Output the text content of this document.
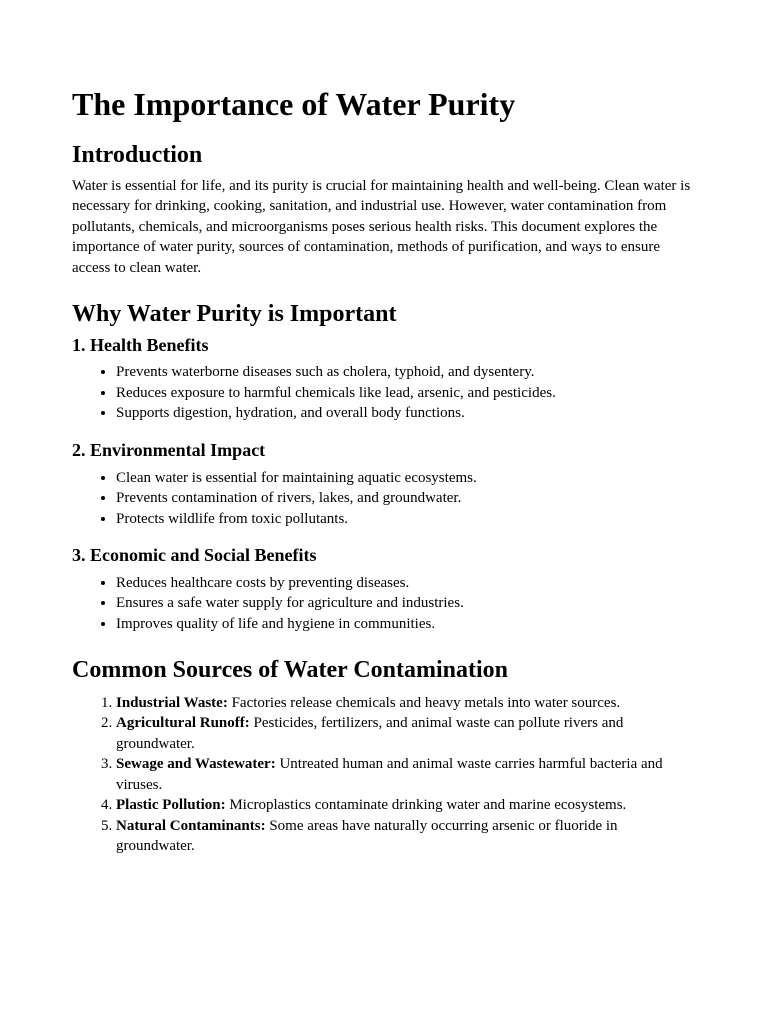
The Importance of Water Purity
Introduction

Water is essential for life, and its purity is crucial for maintaining health and well-being. Clean water is necessary for drinking, cooking, sanitation, and industrial use. However, water contamination from pollutants, chemicals, and microorganisms poses serious health risks. This document explores the importance of water purity, sources of contamination, methods of purification, and ways to ensure access to clean water.

Why Water Purity is Important
1. Health Benefits
• Prevents waterborne diseases such as cholera, typhoid, and dysentery.
• Reduces exposure to harmful chemicals like lead, arsenic, and pesticides.
• Supports digestion, hydration, and overall body functions.
2. Environmental Impact
• Clean water is essential for maintaining aquatic ecosystems.
• Prevents contamination of rivers, lakes, and groundwater.
• Protects wildlife from toxic pollutants.
3. Economic and Social Benefits
• Reduces healthcare costs by preventing diseases.
• Ensures a safe water supply for agriculture and industries.
• Improves quality of life and hygiene in communities.
Common Sources of Water Contamination
1. Industrial Waste: Factories release chemicals and heavy metals into water sources.
2. Agricultural Runoff: Pesticides, fertilizers, and animal waste can pollute rivers and groundwater.
3. Sewage and Wastewater: Untreated human and animal waste carries harmful bacteria and viruses.
4. Plastic Pollution: Microplastics contaminate drinking water and marine ecosystems.
5. Natural Contaminants: Some areas have naturally occurring arsenic or fluoride in groundwater.
